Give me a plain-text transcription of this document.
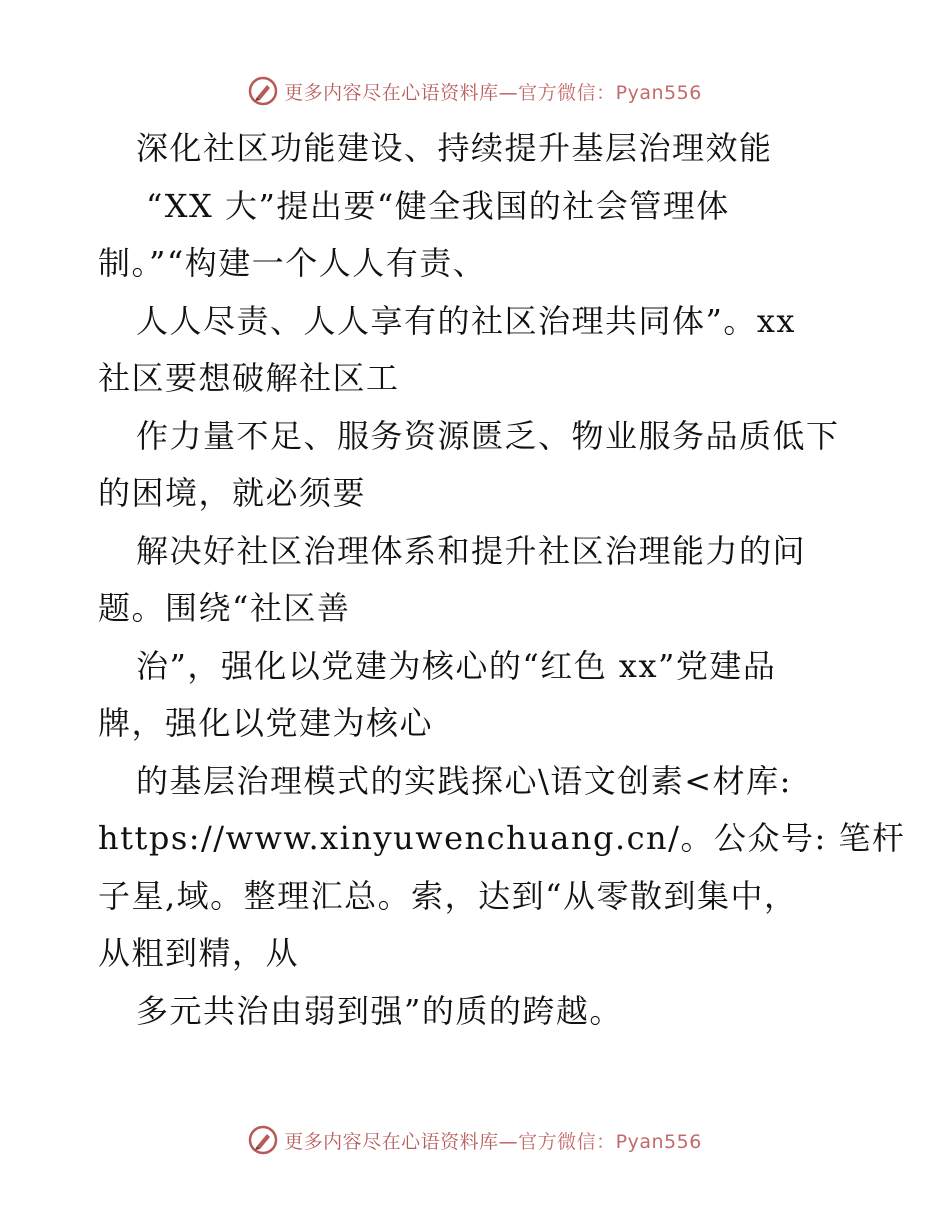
更多内容尽在心语资料库—官方微信：Pyan556
深化社区功能建设、持续提升基层治理效能
“XX 大”提出要“健全我国的社会管理体
制。”“构建一个人人有责、
人人尽责、人人享有的社区治理共同体”。xx
社区要想破解社区工
作力量不足、服务资源匮乏、物业服务品质低下
的困境，就必须要
解决好社区治理体系和提升社区治理能力的问
题。围绕“社区善
治”，强化以党建为核心的“红色 xx”党建品
牌，强化以党建为核心
的基层治理模式的实践探心\语文创素<材库:
https://www.xinyuwenchuang.cn/。公众号: 笔杆
子星,域。整理汇总。索，达到“从零散到集中，
从粗到精，从
多元共治由弱到强”的质的跨越。
更多内容尽在心语资料库—官方微信：Pyan556
